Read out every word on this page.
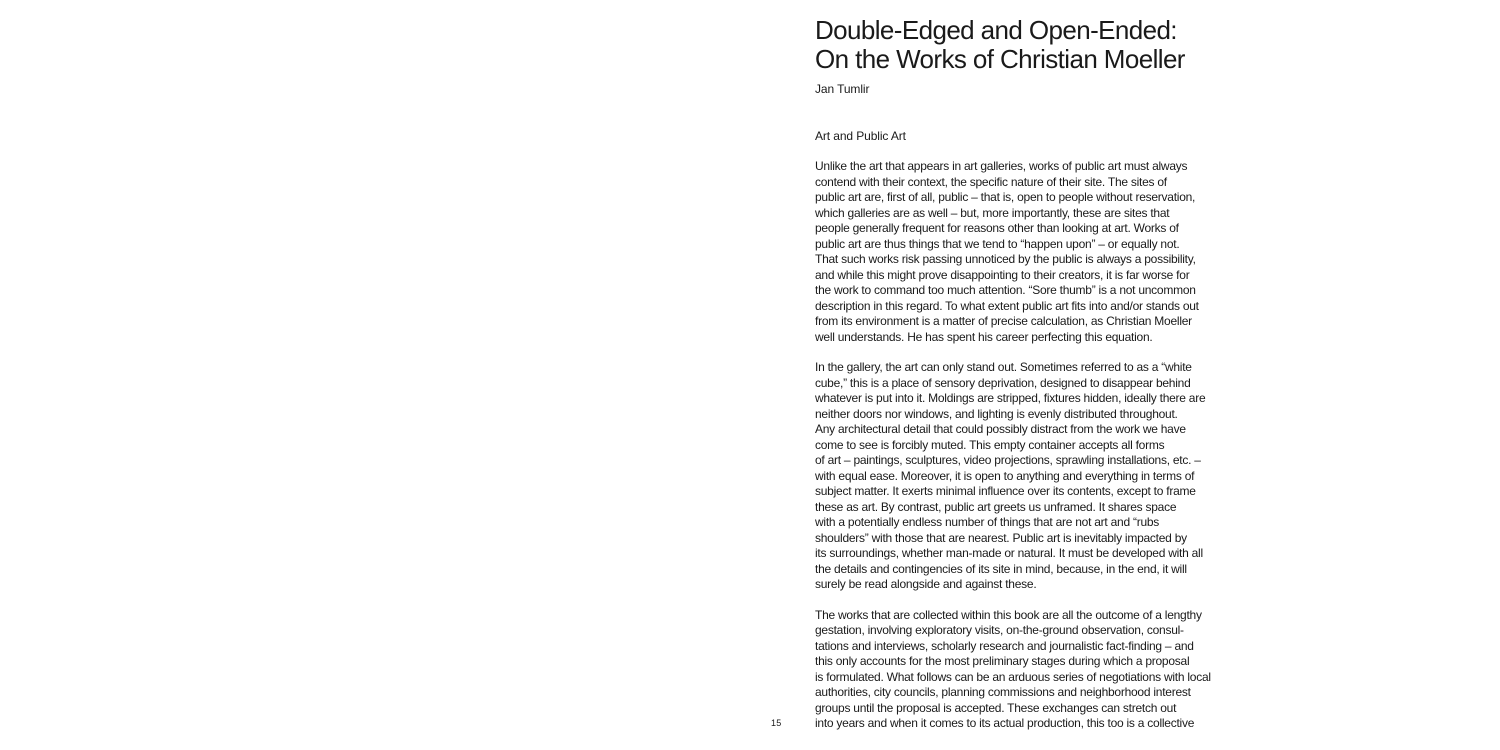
15
Double-Edged and Open-Ended:
On the Works of Christian Moeller
Jan Tumlir
Art and Public Art
Unlike the art that appears in art galleries, works of public art must always
contend with their context, the specific nature of their site. The sites of
public art are, first of all, public – that is, open to people without reservation,
which galleries are as well – but, more importantly, these are sites that
people generally frequent for reasons other than looking at art. Works of
public art are thus things that we tend to “happen upon” – or equally not.
That such works risk passing unnoticed by the public is always a possibility,
and while this might prove disappointing to their creators, it is far worse for
the work to command too much attention. “Sore thumb” is a not uncommon
description in this regard. To what extent public art fits into and/or stands out
from its environment is a matter of precise calculation, as Christian Moeller
well understands. He has spent his career perfecting this equation.
In the gallery, the art can only stand out. Sometimes referred to as a “white
cube,” this is a place of sensory deprivation, designed to disappear behind
whatever is put into it. Moldings are stripped, fixtures hidden, ideally there are
neither doors nor windows, and lighting is evenly distributed throughout.
Any architectural detail that could possibly distract from the work we have
come to see is forcibly muted. This empty container accepts all forms
of art – paintings, sculptures, video projections, sprawling installations, etc. –
with equal ease. Moreover, it is open to anything and everything in terms of
subject matter. It exerts minimal influence over its contents, except to frame
these as art. By contrast, public art greets us unframed. It shares space
with a potentially endless number of things that are not art and “rubs
shoulders” with those that are nearest. Public art is inevitably impacted by
its surroundings, whether man-made or natural. It must be developed with all
the details and contingencies of its site in mind, because, in the end, it will
surely be read alongside and against these.
The works that are collected within this book are all the outcome of a lengthy
gestation, involving exploratory visits, on-the-ground observation, consul-
tations and interviews, scholarly research and journalistic fact-finding – and
this only accounts for the most preliminary stages during which a proposal
is formulated. What follows can be an arduous series of negotiations with local
authorities, city councils, planning commissions and neighborhood interest
groups until the proposal is accepted. These exchanges can stretch out
into years and when it comes to its actual production, this too is a collective
